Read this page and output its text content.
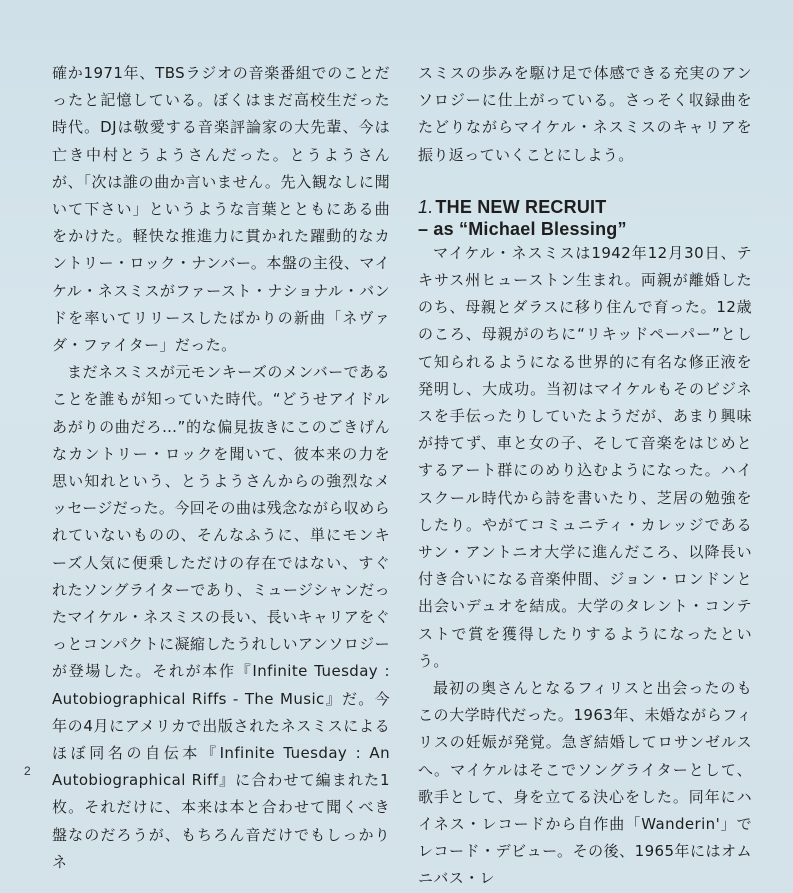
確か1971年、TBSラジオの音楽番組でのことだったと記憶している。ぼくはまだ高校生だった時代。DJは敬愛する音楽評論家の大先輩、今は亡き中村とうようさんだった。とうようさんが、「次は誰の曲か言いません。先入観なしに聞いて下さい」というような言葉とともにある曲をかけた。軽快な推進力に貫かれた躍動的なカントリー・ロック・ナンバー。本盤の主役、マイケル・ネスミスがファースト・ナショナル・バンドを率いてリリースしたばかりの新曲「ネヴァダ・ファイター」だった。

まだネスミスが元モンキーズのメンバーであることを誰もが知っていた時代。“どうせアイドルあがりの曲だろ…”的な偏見抜きにこのごきげんなカントリー・ロックを聞いて、彼本来の力を思い知れという、とうようさんからの強烈なメッセージだった。今回その曲は残念ながら収められていないものの、そんなふうに、単にモンキーズ人気に便乗しただけの存在ではない、すぐれたソングライターであり、ミュージシャンだったマイケル・ネスミスの長い、長いキャリアをぐっとコンパクトに凝縮したうれしいアンソロジーが登場した。それが本作『Infinite Tuesday : Autobiographical Riffs - The Music』だ。今年の4月にアメリカで出版されたネスミスによるほぼ同名の自伝本『Infinite Tuesday : An Autobiographical Riff』に合わせて編まれた1枚。それだけに、本来は本と合わせて聞くべき盤なのだろうが、もちろん音だけでもしっかりネ

スミスの歩みを駆け足で体感できる充実のアンソロジーに仕上がっている。さっそく収録曲をたどりながらマイケル・ネスミスのキャリアを振り返っていくことにしよう。

1. THE NEW RECRUIT
– as “Michael Blessing”

マイケル・ネスミスは1942年12月30日、テキサス州ヒューストン生まれ。両親が離婚したのち、母親とダラスに移り住んで育った。12歳のころ、母親がのちに“リキッドペーパー”として知られるようになる世界的に有名な修正液を発明し、大成功。当初はマイケルもそのビジネスを手伝ったりしていたようだが、あまり興味が持てず、車と女の子、そして音楽をはじめとするアート群にのめり込むようになった。ハイスクール時代から詩を書いたり、芝居の勉強をしたり。やがてコミュニティ・カレッジであるサン・アントニオ大学に進んだころ、以降長い付き合いになる音楽仲間、ジョン・ロンドンと出会いデュオを結成。大学のタレント・コンテストで賞を獲得したりするようになったという。

最初の奥さんとなるフィリスと出会ったのもこの大学時代だった。1963年、未婚ながらフィリスの妊娠が発覚。急ぎ結婚してロサンゼルスへ。マイケルはそこでソングライターとして、歌手として、身を立てる決心をした。同年にハイネス・レコードから自作曲「Wanderin'」でレコード・デビュー。その後、1965年にはオムニバス・レ

2
